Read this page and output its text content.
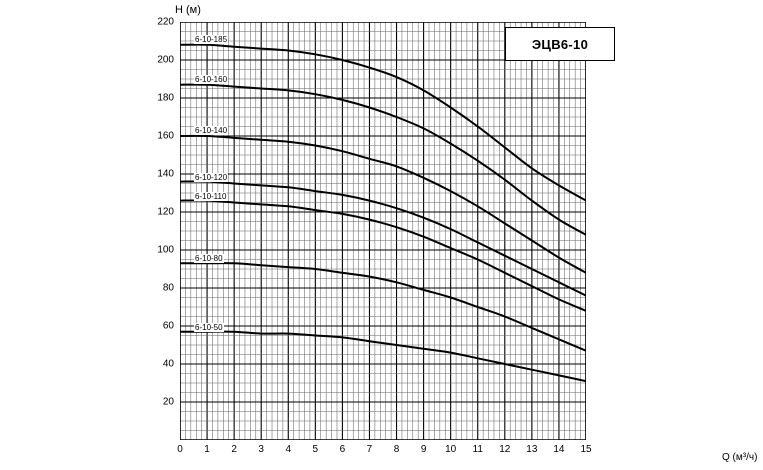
H (м)
Q (м³/ч)
20
40
60
80
100
120
140
160
180
200
220
0 1 2 3 4 5 6 7 8 9 10 11 12 13 14 15
6-10-185
6-10-160
6-10-140
6-10-120
6-10-110
6-10-80
6-10-50
ЭЦВ6-10
